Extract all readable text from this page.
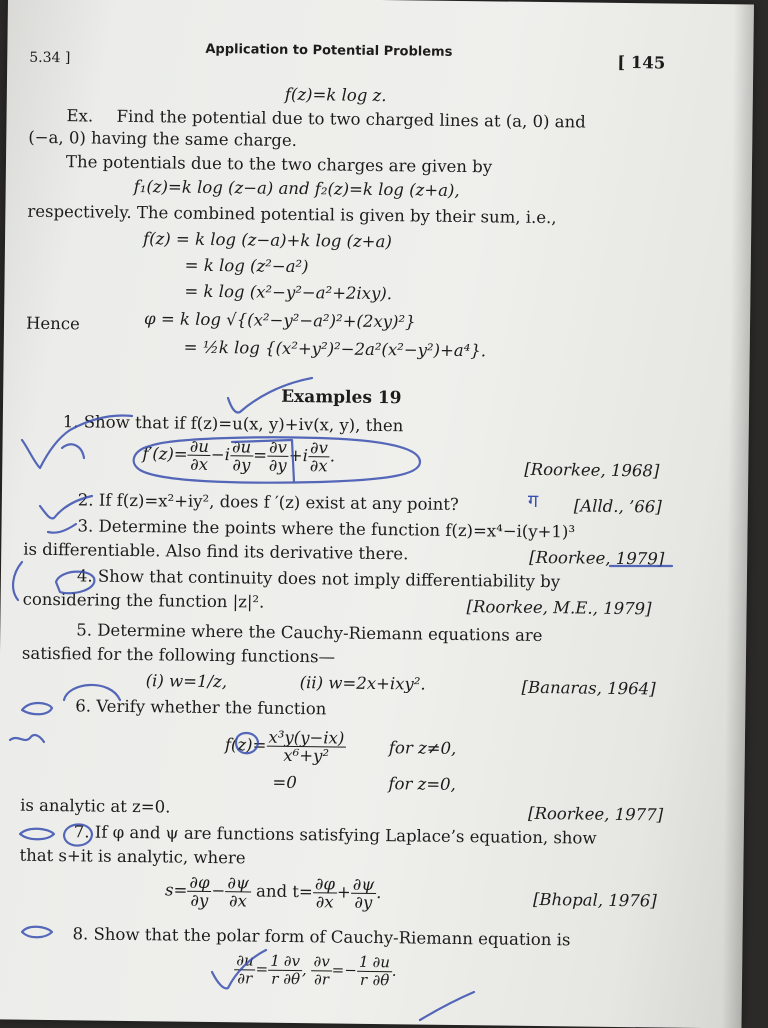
5.34 ]	Application to Potential Problems
[ 145
f(z)=k log z.
Ex. Find the potential due to two charged lines at (a, 0) and
(−a, 0) having the same charge.
The potentials due to the two charges are given by
f₁(z)=k log (z−a) and f₂(z)=k log (z+a),
respectively. The combined potential is given by their sum, i.e.,
f(z) = k log (z−a)+k log (z+a)
= k log (z²−a²)
= k log (x²−y²−a²+2ixy).
Hence	φ = k log √{(x²−y²−a²)²+(2xy)²}
= ½k log {(x²+y²)²−2a²(x²−y²)+a⁴}.
Examples 19
1. Show that if f(z)=u(x, y)+iv(x, y), then
$f'(z)= \frac{\partial u}{\partial x} -i \frac{\partial u}{\partial y} = \frac{\partial v}{\partial y} +i \frac{\partial v}{\partial x}$ .
[Roorkee, 1968]
2. If f(z)=x²+iy², does f ′(z) exist at any point?	[Alld., ’66]
3. Determine the points where the function f(z)=x⁴−i(y+1)³
is differentiable. Also find its derivative there.	[Roorkee, 1979]
4. Show that continuity does not imply differentiability by
considering the function |z|².	[Roorkee, M.E., 1979]
5. Determine where the Cauchy-Riemann equations are
satisfied for the following functions—
(i) w=1/z,	(ii) w=2x+ixy².	[Banaras, 1964]
6. Verify whether the function
$f(z)= \frac{\text{x³y(y−ix)}}{\text{x⁶+y²}}$	for z≠0,
=0	for z=0,
is analytic at z=0.	[Roorkee, 1977]
7. If φ and ψ are functions satisfying Laplace’s equation, show
that s+it is analytic, where
$s= \frac{\partial\varphi}{\partial y} - \frac{\partial\psi}{\partial x}$ and $t= \frac{\partial\varphi}{\partial x} + \frac{\partial\psi}{\partial y}$ .	[Bhopal, 1976]
8. Show that the polar form of Cauchy-Riemann equation is
$\frac{\partial u}{\partial r} = \frac{1}{r} \frac{\partial v}{\partial\theta}$ , $\frac{\partial v}{\partial r} =- \frac{1}{r} \frac{\partial u}{\partial\theta}$ .
ग
